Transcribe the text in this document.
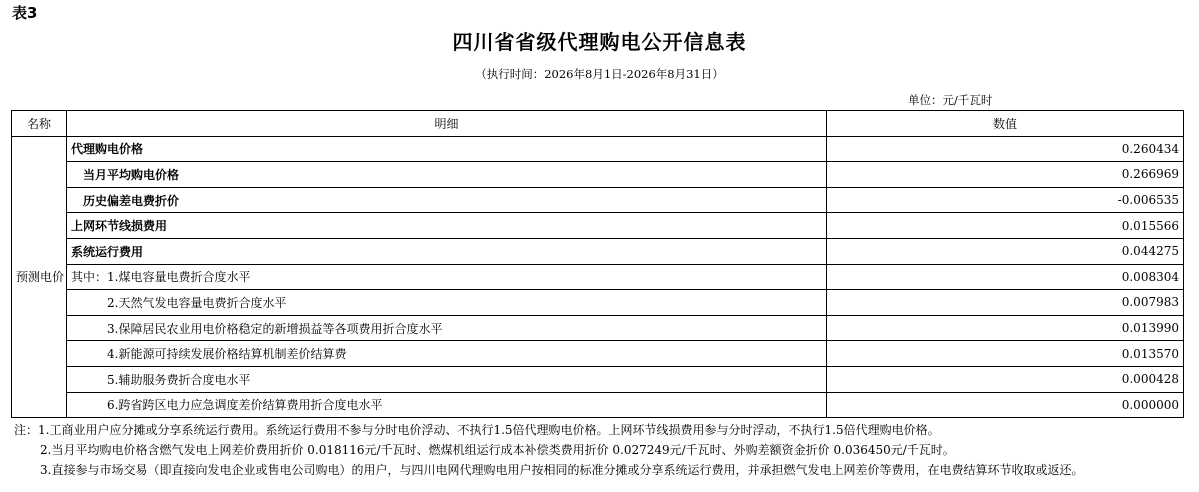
表3
四川省省级代理购电公开信息表
（执行时间：2026年8月1日-2026年8月31日）
单位：元/千瓦时
名称	明细	数值
预测电价	代理购电价格	0.260434
	当月平均购电价格	0.266969
	历史偏差电费折价	-0.006535
	上网环节线损费用	0.015566
	系统运行费用	0.044275
	其中：1.煤电容量电费折合度水平	0.008304
	2.天然气发电容量电费折合度水平	0.007983
	3.保障居民农业用电价格稳定的新增损益等各项费用折合度水平	0.013990
	4.新能源可持续发展价格结算机制差价结算费	0.013570
	5.辅助服务费折合度电水平	0.000428
	6.跨省跨区电力应急调度差价结算费用折合度电水平	0.000000

注：1.工商业用户应分摊或分享系统运行费用。系统运行费用不参与分时电价浮动、不执行1.5倍代理购电价格。上网环节线损费用参与分时浮动，不执行1.5倍代理购电价格。

2.当月平均购电价格含燃气发电上网差价费用折价 0.018116元/千瓦时、燃煤机组运行成本补偿类费用折价 0.027249元/千瓦时、外购差额资金折价 0.036450元/千瓦时。

3.直接参与市场交易（即直接向发电企业或售电公司购电）的用户，与四川电网代理购电用户按相同的标准分摊或分享系统运行费用，并承担燃气发电上网差价等费用，在电费结算环节收取或返还。
